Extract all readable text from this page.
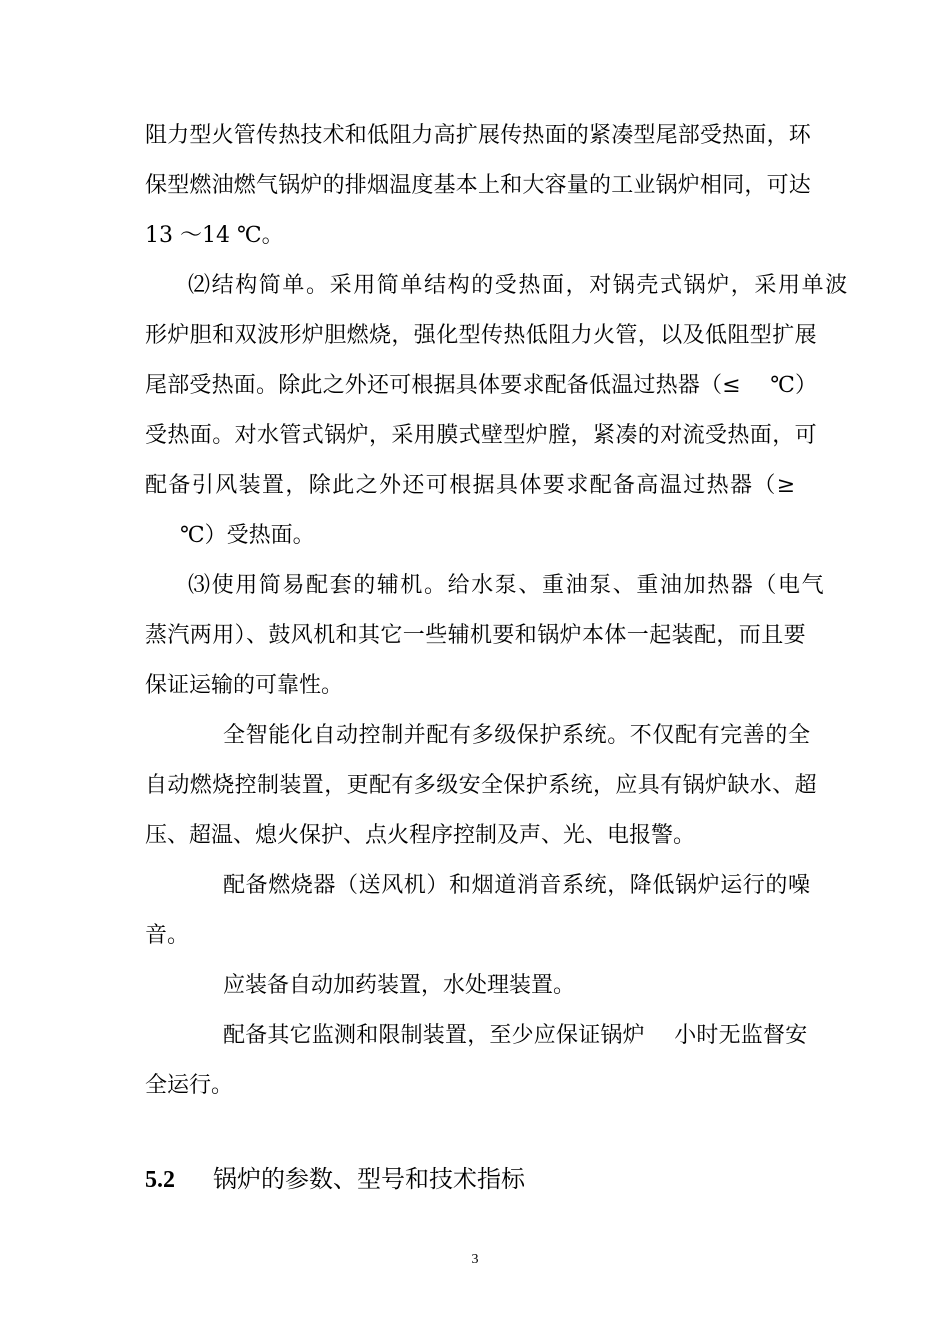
阻力型火管传热技术和低阻力高扩展传热面的紧凑型尾部受热面，环

保型燃油燃气锅炉的排烟温度基本上和大容量的工业锅炉相同，可达

13 ～14 ℃。

⑵结构简单。采用简单结构的受热面，对锅壳式锅炉，采用单波

形炉胆和双波形炉胆燃烧，强化型传热低阻力火管，以及低阻型扩展

尾部受热面。除此之外还可根据具体要求配备低温过热器（≤　 ℃）

受热面。对水管式锅炉，采用膜式壁型炉膛，紧凑的对流受热面，可

配备引风装置，除此之外还可根据具体要求配备高温过热器（≥

℃）受热面。

⑶使用简易配套的辅机。给水泵、重油泵、重油加热器（电气

蒸汽两用）、鼓风机和其它一些辅机要和锅炉本体一起装配，而且要

保证运输的可靠性。

全智能化自动控制并配有多级保护系统。不仅配有完善的全

自动燃烧控制装置，更配有多级安全保护系统，应具有锅炉缺水、超

压、超温、熄火保护、点火程序控制及声、光、电报警。

配备燃烧器（送风机）和烟道消音系统，降低锅炉运行的噪

音。

应装备自动加药装置，水处理装置。

配备其它监测和限制装置，至少应保证锅炉　 小时无监督安

全运行。

5.2 锅炉的参数、型号和技术指标
3
